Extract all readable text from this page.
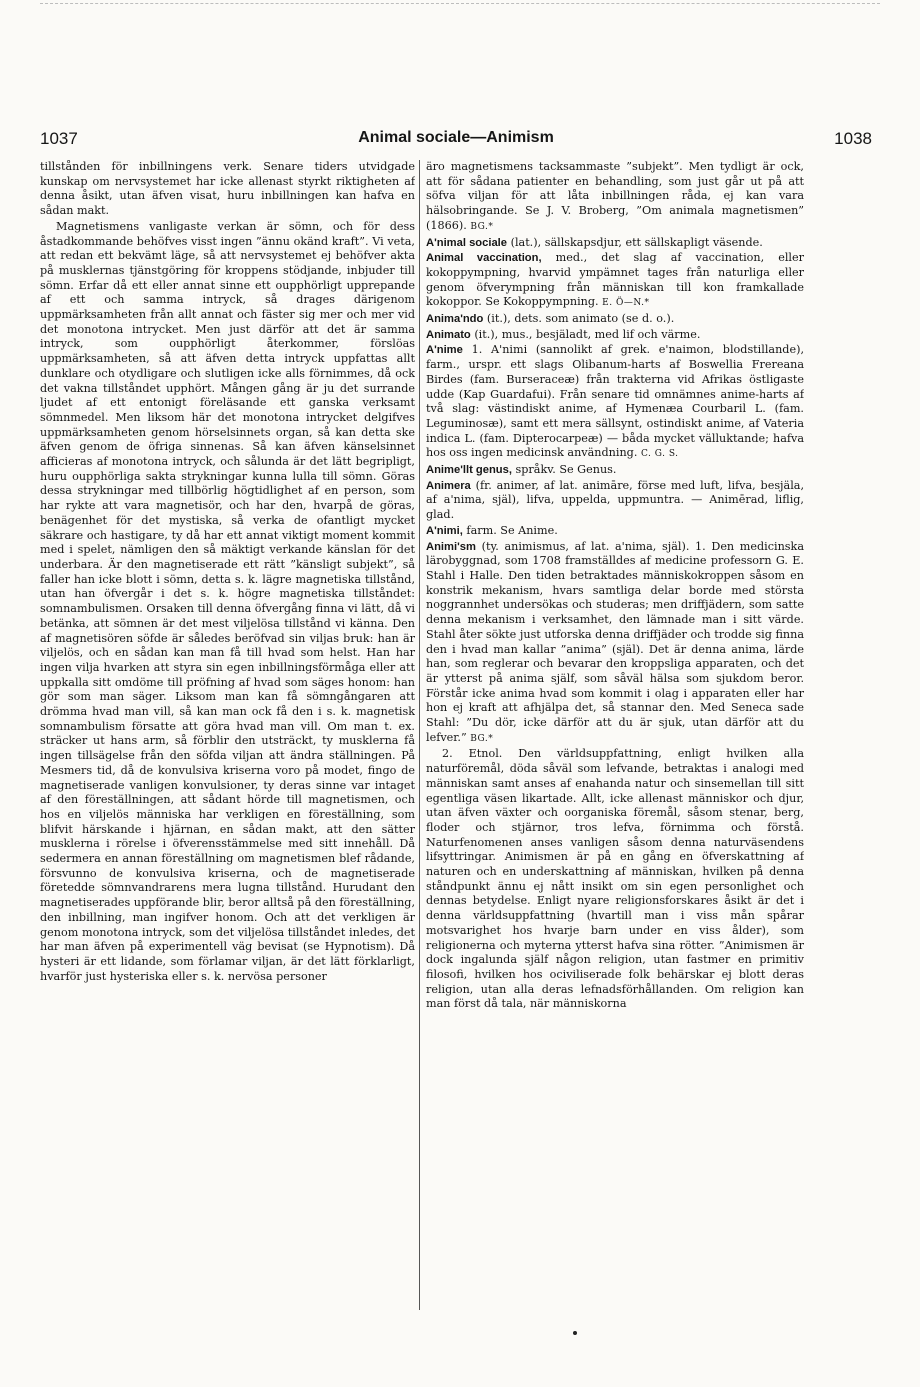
1037	Animal sociale—Animism	1038

tillstånden för inbillningens verk. Senare tiders utvidgade kunskap om nervsystemet har icke allenast styrkt riktigheten af denna åsikt, utan äfven visat, huru inbillningen kan hafva en sådan makt.

Magnetismens vanligaste verkan är sömn, och för dess åstadkommande behöfves visst ingen ”ännu okänd kraft”. Vi veta, att redan ett bekvämt läge, så att nervsystemet ej behöfver akta på musklernas tjänstgöring för kroppens stödjande, inbjuder till sömn. Erfar då ett eller annat sinne ett oupphörligt upprepande af ett och samma intryck, så drages därigenom uppmärksamheten från allt annat och fäster sig mer och mer vid det monotona intrycket. Men just därför att det är samma intryck, som oupphörligt återkommer, förslöas uppmärksamheten, så att äfven detta intryck uppfattas allt dunklare och otydligare och slutligen icke alls förnimmes, då ock det vakna tillståndet upphört. Mången gång är ju det surrande ljudet af ett entonigt föreläsande ett ganska verksamt sömnmedel. Men liksom här det monotona intrycket delgifves uppmärksamheten genom hörselsinnets organ, så kan detta ske äfven genom de öfriga sinnenas. Så kan äfven känselsinnet afficieras af monotona intryck, och sålunda är det lätt begripligt, huru oupphörliga sakta strykningar kunna lulla till sömn. Göras dessa strykningar med tillbörlig högtidlighet af en person, som har rykte att vara magnetisör, och har den, hvarpå de göras, benägenhet för det mystiska, så verka de ofantligt mycket säkrare och hastigare, ty då har ett annat viktigt moment kommit med i spelet, nämligen den så mäktigt verkande känslan för det underbara. Är den magnetiserade ett rätt ”känsligt subjekt”, så faller han icke blott i sömn, detta s. k. lägre magnetiska tillstånd, utan han öfvergår i det s. k. högre magnetiska tillståndet: somnambulismen. Orsaken till denna öfvergång finna vi lätt, då vi betänka, att sömnen är det mest viljelösa tillstånd vi känna. Den af magnetisören söfde är således beröfvad sin viljas bruk: han är viljelös, och en sådan kan man få till hvad som helst. Han har ingen vilja hvarken att styra sin egen inbillningsförmåga eller att uppkalla sitt omdöme till pröfning af hvad som säges honom: han gör som man säger. Liksom man kan få sömngångaren att drömma hvad man vill, så kan man ock få den i s. k. magnetisk somnambulism försatte att göra hvad man vill. Om man t. ex. sträcker ut hans arm, så förblir den utsträckt, ty musklerna få ingen tillsägelse från den söfda viljan att ändra ställningen. På Mesmers tid, då de konvulsiva kriserna voro på modet, fingo de magnetiserade vanligen konvulsioner, ty deras sinne var intaget af den föreställningen, att sådant hörde till magnetismen, och hos en viljelös människa har verkligen en föreställning, som blifvit härskande i hjärnan, en sådan makt, att den sätter musklerna i rörelse i öfverensstämmelse med sitt innehåll. Då sedermera en annan föreställning om magnetismen blef rådande, försvunno de konvulsiva kriserna, och de magnetiserade företedde sömnvandrarens mera lugna tillstånd. Hurudant den magnetiserades uppförande blir, beror alltså på den föreställning, den inbillning, man ingifver honom. Och att det verkligen är genom monotona intryck, som det viljelösa tillståndet inledes, det har man äfven på experimentell väg bevisat (se Hypnotism). Då hysteri är ett lidande, som förlamar viljan, är det lätt förklarligt, hvarför just hysteriska eller s. k. nervösa personer

äro magnetismens tacksammaste ”subjekt”. Men tydligt är ock, att för sådana patienter en behandling, som just går ut på att söfva viljan för att låta inbillningen råda, ej kan vara hälsobringande. Se J. V. Broberg, ”Om animala magnetismen” (1866). BG.*

A'nimal sociale (lat.), sällskapsdjur, ett sällskapligt väsende.

Animal vaccination, med., det slag af vaccination, eller kokoppympning, hvarvid ympämnet tages från naturliga eller genom öfverympning från människan till kon framkallade kokoppor. Se Kokoppympning. E. Ö—N.*

Anima'ndo (it.), dets. som animato (se d. o.).

Animato (it.), mus., besjäladt, med lif och värme.

A'nime 1. A'nimi (sannolikt af grek. e'naimon, blodstillande), farm., urspr. ett slags Olibanum-harts af Boswellia Frereana Birdes (fam. Burseraceæ) från trakterna vid Afrikas östligaste udde (Kap Guardafui). Från senare tid omnämnes anime-harts af två slag: västindiskt anime, af Hymenæa Courbaril L. (fam. Leguminosæ), samt ett mera sällsynt, ostindiskt anime, af Vateria indica L. (fam. Dipterocarpeæ) — båda mycket välluktande; hafva hos oss ingen medicinsk användning. C. G. S.

Anime'llt genus, språkv. Se Genus.

Animera (fr. animer, af lat. animāre, förse med luft, lifva, besjäla, af a'nima, själ), lifva, uppelda, uppmuntra. — Animērad, liflig, glad.

A'nimi, farm. Se Anime.

Animi'sm (ty. animismus, af lat. a'nima, själ). 1. Den medicinska lärobyggnad, som 1708 framställdes af medicine professorn G. E. Stahl i Halle. Den tiden betraktades människokroppen såsom en konstrik mekanism, hvars samtliga delar borde med största noggrannhet undersökas och studeras; men driffjädern, som satte denna mekanism i verksamhet, den lämnade man i sitt värde. Stahl åter sökte just utforska denna driffjäder och trodde sig finna den i hvad man kallar ”anima” (själ). Det är denna anima, lärde han, som reglerar och bevarar den kroppsliga apparaten, och det är ytterst på anima själf, som såväl hälsa som sjukdom beror. Förstår icke anima hvad som kommit i olag i apparaten eller har hon ej kraft att afhjälpa det, så stannar den. Med Seneca sade Stahl: ”Du dör, icke därför att du är sjuk, utan därför att du lefver.” BG.*

2. Etnol. Den världsuppfattning, enligt hvilken alla naturföremål, döda såväl som lefvande, betraktas i analogi med människan samt anses af enahanda natur och sinsemellan till sitt egentliga väsen likartade. Allt, icke allenast människor och djur, utan äfven växter och oorganiska föremål, såsom stenar, berg, floder och stjärnor, tros lefva, förnimma och förstå. Naturfenomenen anses vanligen såsom denna naturväsendens lifsyttringar. Animismen är på en gång en öfverskattning af naturen och en underskattning af människan, hvilken på denna ståndpunkt ännu ej nått insikt om sin egen personlighet och dennas betydelse. Enligt nyare religionsforskares åsikt är det i denna världsuppfattning (hvartill man i viss mån spårar motsvarighet hos hvarje barn under en viss ålder), som religionerna och myterna ytterst hafva sina rötter. ”Animismen är dock ingalunda själf någon religion, utan fastmer en primitiv filosofi, hvilken hos ociviliserade folk behärskar ej blott deras religion, utan alla deras lefnadsförhållanden. Om religion kan man först då tala, när människorna
